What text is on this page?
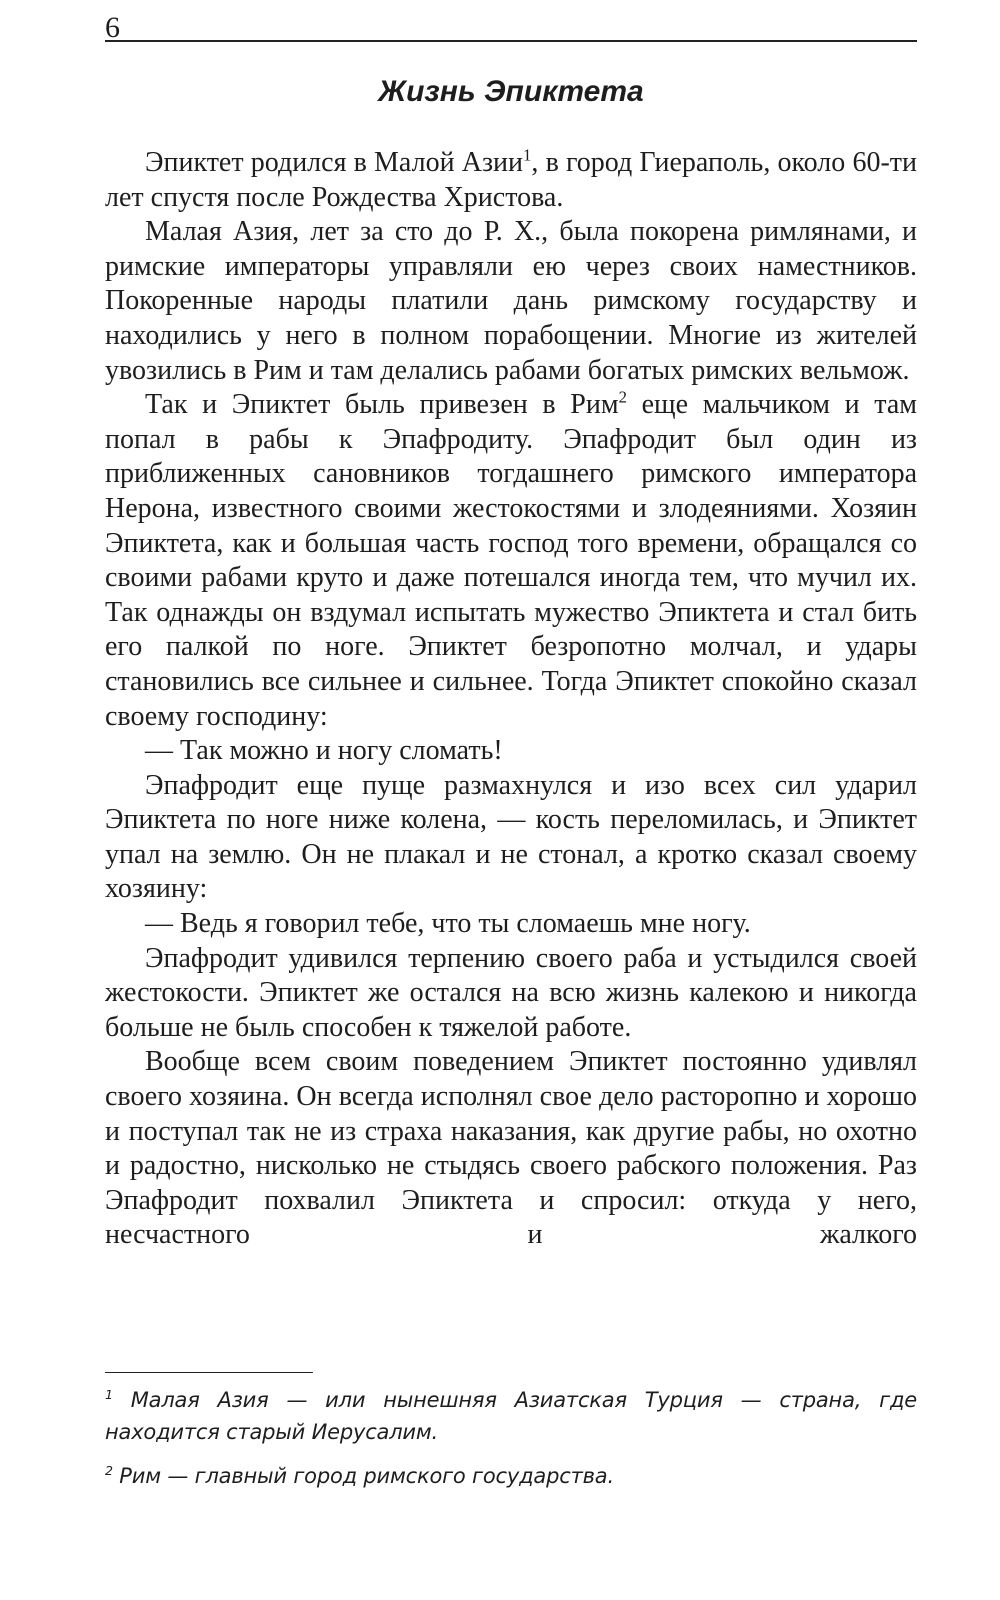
6
Жизнь Эпиктета

Эпиктет родился в Малой Азии$^1$, в город Гиераполь, около 60-ти лет спустя после Рождества Христова.

Малая Азия, лет за сто до Р. Х., была покорена римлянами, и римские императоры управляли ею через своих наместников. Покоренные народы платили дань римскому государству и находились у него в полном порабощении. Многие из жителей увозились в Рим и там делались рабами богатых римских вельмож.

Так и Эпиктет быль привезен в Рим$^2$ еще мальчиком и там попал в рабы к Эпафродиту. Эпафродит был один из приближенных сановников тогдашнего римского императора Нерона, известного своими жестокостями и злодеяниями. Хозяин Эпиктета, как и большая часть господ того времени, обращался со своими рабами круто и даже потешался иногда тем, что мучил их. Так однажды он вздумал испытать мужество Эпиктета и стал бить его палкой по ноге. Эпиктет безропотно молчал, и удары становились все сильнее и сильнее. Тогда Эпиктет спокойно сказал своему господину:

— Так можно и ногу сломать!

Эпафродит еще пуще размахнулся и изо всех сил ударил Эпиктета по ноге ниже колена, — кость переломилась, и Эпиктет упал на землю. Он не плакал и не стонал, а кротко сказал своему хозяину:

— Ведь я говорил тебе, что ты сломаешь мне ногу.

Эпафродит удивился терпению своего раба и устыдился своей жестокости. Эпиктет же остался на всю жизнь калекою и никогда больше не быль способен к тяжелой работе.

Вообще всем своим поведением Эпиктет постоянно удивлял своего хозяина. Он всегда исполнял свое дело расторопно и хорошо и поступал так не из страха наказания, как другие рабы, но охотно и радостно, нисколько не стыдясь своего рабского положения. Раз Эпафродит похвалил Эпиктета и спросил: откуда у него, несчастного и жалкого

$^1$ Малая Азия — или нынешняя Азиатская Турция — страна, где находится старый Иерусалим.

$^2$ Рим — главный город римского государства.
